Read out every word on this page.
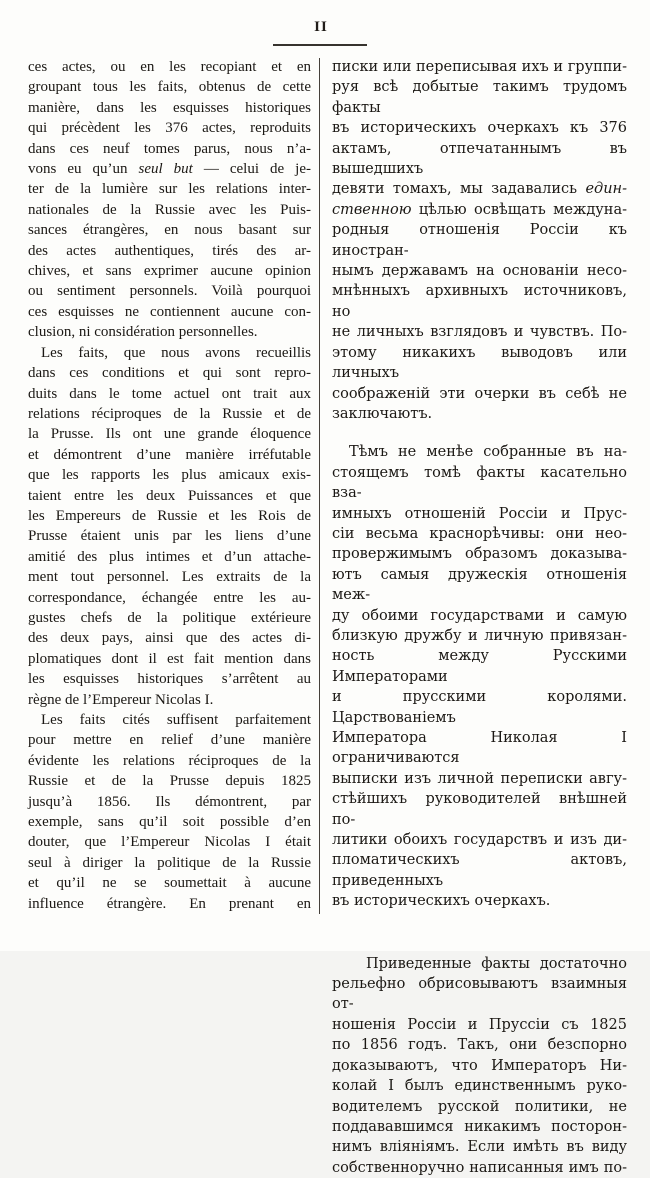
II
ces actes, ou en les recopiant et en
groupant tous les faits, obtenus de cette
manière, dans les esquisses historiques
qui précèdent les 376 actes, reproduits
dans ces neuf tomes parus, nous n’a-
vons eu qu’un seul but — celui de je-
ter de la lumière sur les relations inter-
nationales de la Russie avec les Puis-
sances étrangères, en nous basant sur
des actes authentiques, tirés des ar-
chives, et sans exprimer aucune opinion
ou sentiment personnels. Voilà pourquoi
ces esquisses ne contiennent aucune con-
clusion, ni considération personnelles.
Les faits, que nous avons recueillis
dans ces conditions et qui sont repro-
duits dans le tome actuel ont trait aux
relations réciproques de la Russie et de
la Prusse. Ils ont une grande éloquence
et démontrent d’une manière irréfutable
que les rapports les plus amicaux exis-
taient entre les deux Puissances et que
les Empereurs de Russie et les Rois de
Prusse étaient unis par les liens d’une
amitié des plus intimes et d’un attache-
ment tout personnel. Les extraits de la
correspondance, échangée entre les au-
gustes chefs de la politique extérieure
des deux pays, ainsi que des actes di-
plomatiques dont il est fait mention dans
les esquisses historiques s’arrêtent au
règne de l’Empereur Nicolas I.
Les faits cités suffisent parfaitement
pour mettre en relief d’une manière
évidente les relations réciproques de la
Russie et de la Prusse depuis 1825
jusqu’à 1856. Ils démontrent, par
exemple, sans qu’il soit possible d’en
douter, que l’Empereur Nicolas I était
seul à diriger la politique de la Russie
et qu’il ne se soumettait à aucune
influence étrangère. En prenant en
писки или переписывая ихъ и группи-
руя всѣ добытые такимъ трудомъ факты
въ историческихъ очеркахъ къ 376
актамъ, отпечатаннымъ въ вышедшихъ
девяти томахъ, мы задавались един-
ственною цѣлью освѣщать междуна-
родныя отношенія Россіи къ иностран-
нымъ державамъ на основаніи несо-
мнѣнныхъ архивныхъ источниковъ, но
не личныхъ взглядовъ и чувствъ. По-
этому никакихъ выводовъ или личныхъ
соображеній эти очерки въ себѣ не
заключаютъ.
Тѣмъ не менѣе собранные въ на-
стоящемъ томѣ факты касательно вза-
имныхъ отношеній Россіи и Прус-
сіи весьма краснорѣчивы: они нео-
провержимымъ образомъ доказыва-
ютъ самыя дружескія отношенія меж-
ду обоими государствами и самую
близкую дружбу и личную привязан-
ность между Русскими Императорами
и прусскими королями. Царствованіемъ
Императора Николая I ограничиваются
выписки изъ личной переписки авгу-
стѣйшихъ руководителей внѣшней по-
литики обоихъ государствъ и изъ ди-
пломатическихъ актовъ, приведенныхъ
въ историческихъ очеркахъ.
Приведенные факты достаточно
рельефно обрисовываютъ взаимныя от-
ношенія Россіи и Пруссіи съ 1825
по 1856 годъ. Такъ, они безспорно
доказываютъ, что Императоръ Ни-
колай I былъ единственнымъ руко-
водителемъ русской политики, не
поддававшимся никакимъ посторон-
нимъ вліяніямъ. Если имѣть въ виду
собственноручно написанныя имъ по-
